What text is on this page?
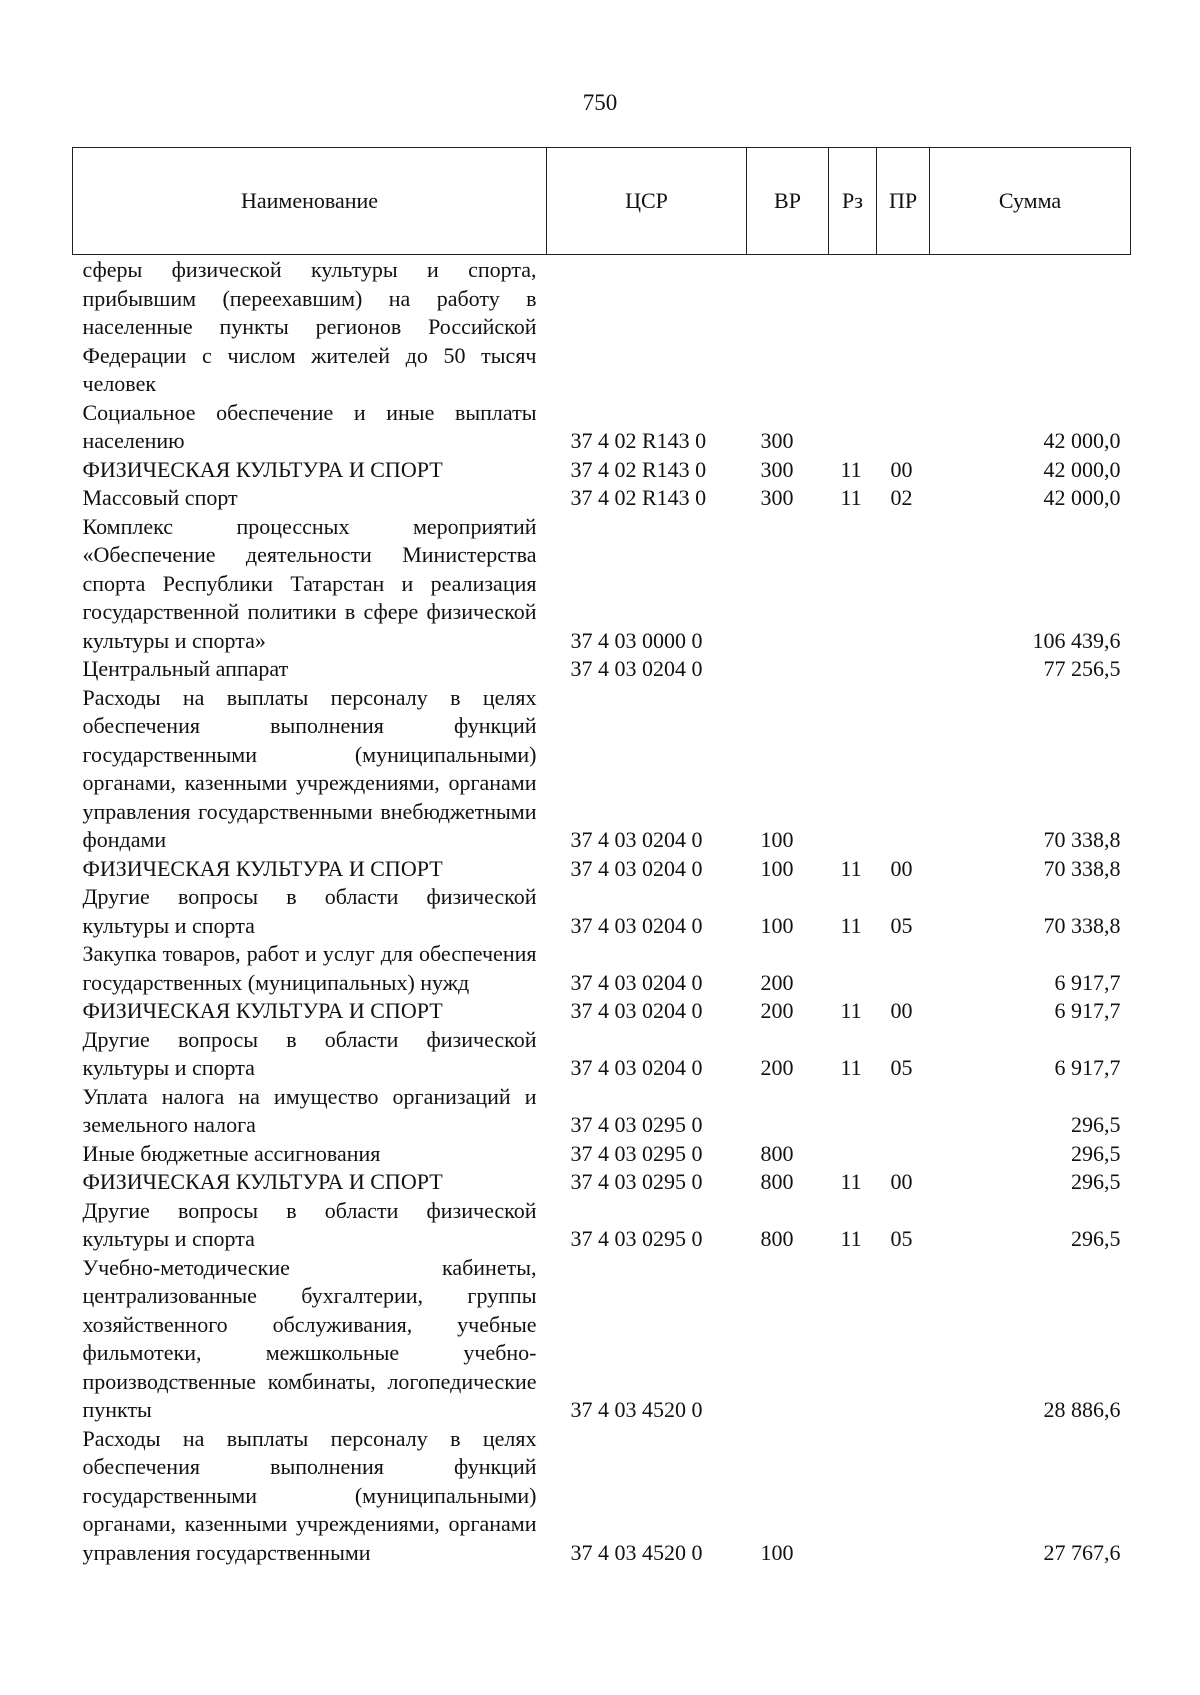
750
Наименование	ЦСР	ВР	Рз	ПР	Сумма
сферы физической культуры и спорта, прибывшим (переехавшим) на работу в населенные пункты регионов Российской Федерации с числом жителей до 50 тысяч человек					
Социальное обеспечение и иные выплаты населению	37 4 02 R143 0	300			42 000,0
ФИЗИЧЕСКАЯ КУЛЬТУРА И СПОРТ	37 4 02 R143 0	300	11	00	42 000,0
Массовый спорт	37 4 02 R143 0	300	11	02	42 000,0
Комплекс процессных мероприятий «Обеспечение деятельности Министерства спорта Республики Татарстан и реализация государственной политики в сфере физической культуры и спорта»	37 4 03 0000 0				106 439,6
Центральный аппарат	37 4 03 0204 0				77 256,5
Расходы на выплаты персоналу в целях обеспечения выполнения функций государственными (муниципальными) органами, казенными учреждениями, органами управления государственными внебюджетными фондами	37 4 03 0204 0	100			70 338,8
ФИЗИЧЕСКАЯ КУЛЬТУРА И СПОРТ	37 4 03 0204 0	100	11	00	70 338,8
Другие вопросы в области физической культуры и спорта	37 4 03 0204 0	100	11	05	70 338,8
Закупка товаров, работ и услуг для обеспечения государственных (муниципальных) нужд	37 4 03 0204 0	200			6 917,7
ФИЗИЧЕСКАЯ КУЛЬТУРА И СПОРТ	37 4 03 0204 0	200	11	00	6 917,7
Другие вопросы в области физической культуры и спорта	37 4 03 0204 0	200	11	05	6 917,7
Уплата налога на имущество организаций и земельного налога	37 4 03 0295 0				296,5
Иные бюджетные ассигнования	37 4 03 0295 0	800			296,5
ФИЗИЧЕСКАЯ КУЛЬТУРА И СПОРТ	37 4 03 0295 0	800	11	00	296,5
Другие вопросы в области физической культуры и спорта	37 4 03 0295 0	800	11	05	296,5
Учебно-методические кабинеты, централизованные бухгалтерии, группы хозяйственного обслуживания, учебные фильмотеки, межшкольные учебно-производственные комбинаты, логопедические пункты	37 4 03 4520 0				28 886,6
Расходы на выплаты персоналу в целях обеспечения выполнения функций государственными (муниципальными) органами, казенными учреждениями, органами управления государственными	37 4 03 4520 0	100			27 767,6
